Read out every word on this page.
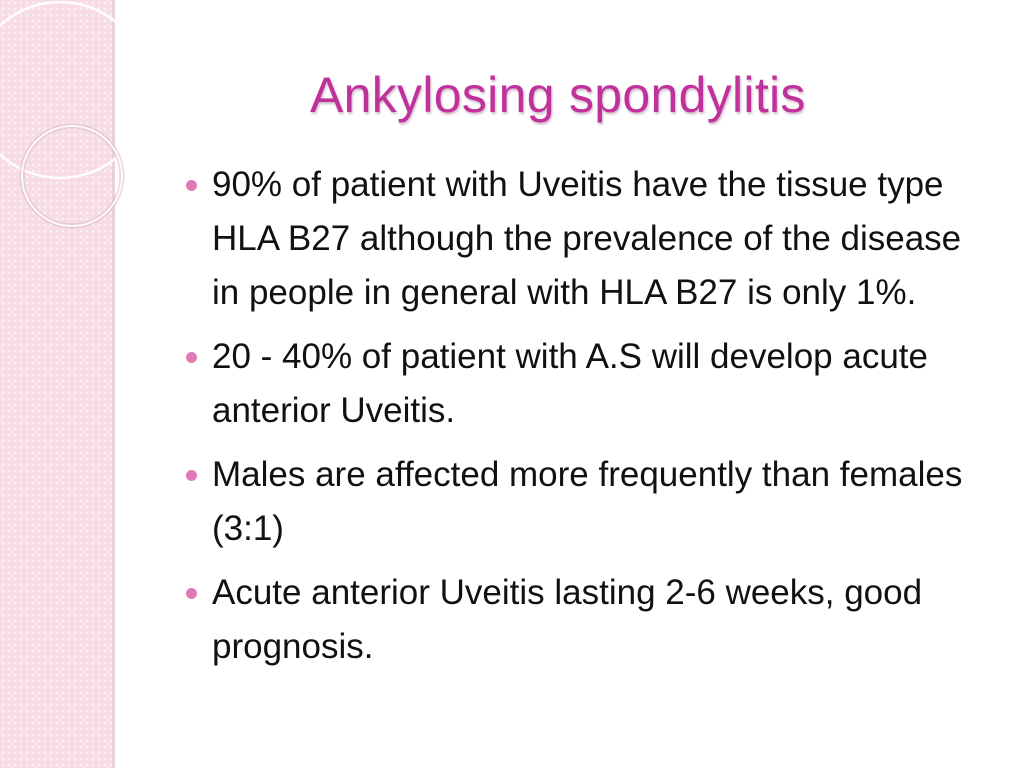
Ankylosing spondylitis
90% of patient with Uveitis have the tissue type HLA B27 although the prevalence of the disease in people in general with HLA B27 is only 1%.
20 - 40% of patient with A.S will develop acute anterior Uveitis.
Males are affected more frequently than females (3:1)
Acute anterior Uveitis lasting 2-6 weeks, good prognosis.
